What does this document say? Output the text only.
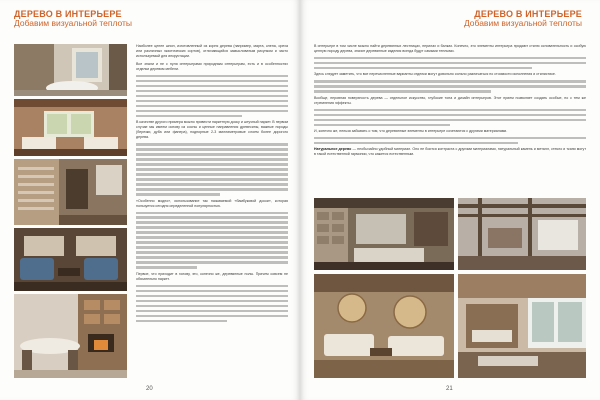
ДЕРЕВО В ИНТЕРЬЕРЕ
Добавим визуальной теплоты

Наиболее ценен шпон, изготовленный из корня дерева (например, марта, клена, ореха или различных экзотических сортов), отличающийся замысловатым рисунком и часто используемый для инкрустации.

Все знали и не с нуля интерьерами природным интерьерам, есть и в особенностях отделки деревом мебели.

В качестве другого примера можно привести паркетную доску и штучный паркет. В первом случае мы имеем основу из сосны и ценные направления древесины, важные породы (березки, дуба или фанера), подпорные 2-3 миллиметровые слоем более дорогого дерева.

«Особенно модно», использование так называемой «бамбуковой доски», которая пользуется сегодня определенной популярностью.

Первое, что приходит в голову, это, конечно же, деревянные полы. Причем совсем не обязательно паркет.

20
ДЕРЕВО В ИНТЕРЬЕРЕ
Добавим визуальной теплоты

В интерьере в том числе можно найти деревянных лестницах, перилах и балках. Конечно, это элементы интерьера придают стилю основательность и особую ценную породу дерева, значит деревянные изделия всегда будут самыми теплыми.

Здесь следует заметить, что все перечисленные варианты отделки могут довольно сильно различаться по стоимости исполнения и стилистике.

Вообще, неровная поверхность дерева — отдельное искусство, глубокие тона и дизайн интерьеров. Этот прием позволяет создать особые, но с тем же стремления эффекты.

И, конечно же, нельзя забывать о том, что деревянные элементы в интерьере сочетаются с другими материалами.

Натуральное дерево — необычайно удобный материал. Оно не боится контраста с другими материалами, натуральный камень и металл, стекло и ткани могут в такой естественной гармонии, что кажется естественным.

21
